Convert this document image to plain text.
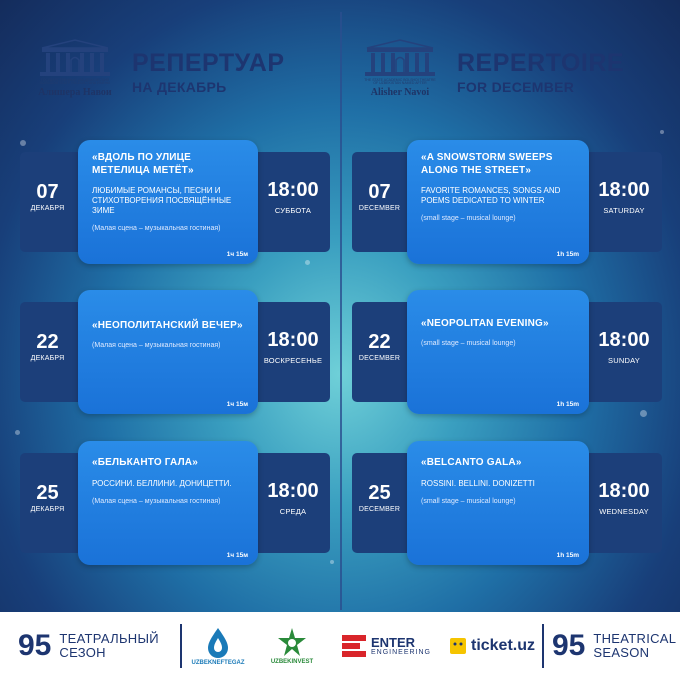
ГОСУДАРСТВЕННЫЙ АКАДЕМИЧЕСКИЙ БОЛЬШОЙ ТЕАТР УЗБЕКИСТАНА ИМЕНИ
Алишера Навои
РЕПЕРТУАР
НА ДЕКАБРЬ	THE STATE ACADEMIC BOLSHOI THEATRE OF UZBEKISTAN NAMED AFTER
Alisher Navoi
REPERTOIRE
FOR DECEMBER
07
ДЕКАБРЯ
«ВДОЛЬ ПО УЛИЦЕ МЕТЕЛИЦА МЕТЁТ»
ЛЮБИМЫЕ РОМАНСЫ, ПЕСНИ И СТИХОТВОРЕНИЯ ПОСВЯЩЁННЫЕ ЗИМЕ
(Малая сцена – музыкальная гостиная)
1ч 15м
18:00
СУББОТА
22
ДЕКАБРЯ
«НЕОПОЛИТАНСКИЙ ВЕЧЕР»
(Малая сцена – музыкальная гостиная)
1ч 15м
18:00
ВОСКРЕСЕНЬЕ
25
ДЕКАБРЯ
«БЕЛЬКАНТО ГАЛА»
РОССИНИ. БЕЛЛИНИ. ДОНИЦЕТТИ.
(Малая сцена – музыкальная гостиная)
1ч 15м
18:00
СРЕДА
07
DECEMBER
«A SNOWSTORM SWEEPS ALONG THE STREET»
FAVORITE ROMANCES, SONGS AND POEMS DEDICATED TO WINTER
(small stage – musical lounge)
1h 15m
18:00
SATURDAY
22
DECEMBER
«NEOPOLITAN EVENING»
(small stage – musical lounge)
1h 15m
18:00
SUNDAY
25
DECEMBER
«BELCANTO GALA»
ROSSINI. BELLINI. DONIZETTI
(small stage – musical lounge)
1h 15m
18:00
WEDNESDAY
95 ТЕАТРАЛЬНЫЙ
СЕЗОН
UZBEKNEFTEGAZ	UZBEKINVEST
ENTER
ENGINEERING ticket.uz 95 THEATRICAL
SEASON
